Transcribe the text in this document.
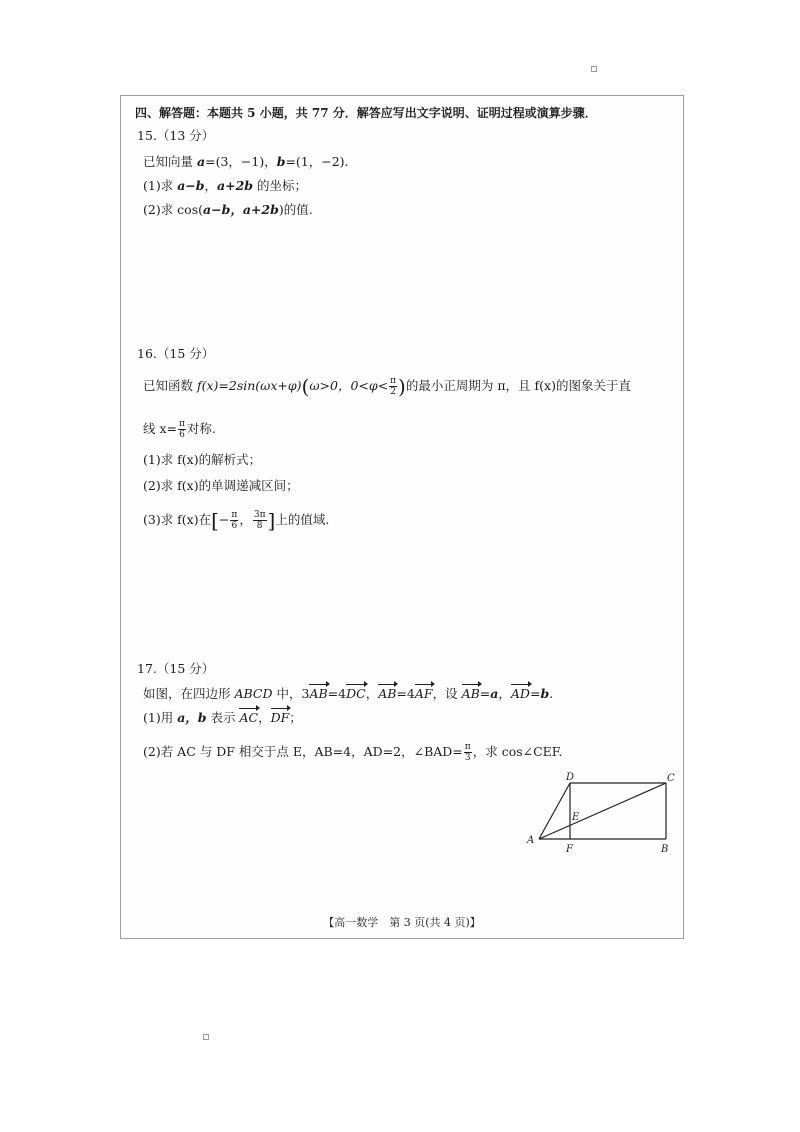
四、解答题：本题共 5 小题，共 77 分．解答应写出文字说明、证明过程或演算步骤．
15.（13 分）
已知向量 a=(3，−1)，b=(1，−2).
(1)求 a−b，a+2b 的坐标；
(2)求 cos(a−b，a+2b)的值.
16.（15 分）
已知函数 f(x)=2sin(ωx+φ)(ω>0，$0<\varphi< \frac{\pi}{2}$ )的最小正周期为 π，且 f(x)的图象关于直
线 $x= \frac{\pi}{6}$ 对称.
(1)求 f(x)的解析式；
(2)求 f(x)的单调递减区间；
(3)求 f(x)在[− $\frac{\pi}{6}$ ， $\frac{3\pi}{8}$ ]上的值域.
17.（15 分）
如图，在四边形 ABCD 中，3AB=4DC，AB=4AF，设 AB=a，AD=b.
(1)用 a，b 表示 AC，DF；
(2)若 AC 与 DF 相交于点 E，AB=4，AD=2，∠BAD= $\frac{\pi}{3}$ ，求 cos∠CEF.
A
B
C
D
E
F
【高一数学　第 3 页(共 4 页)】
